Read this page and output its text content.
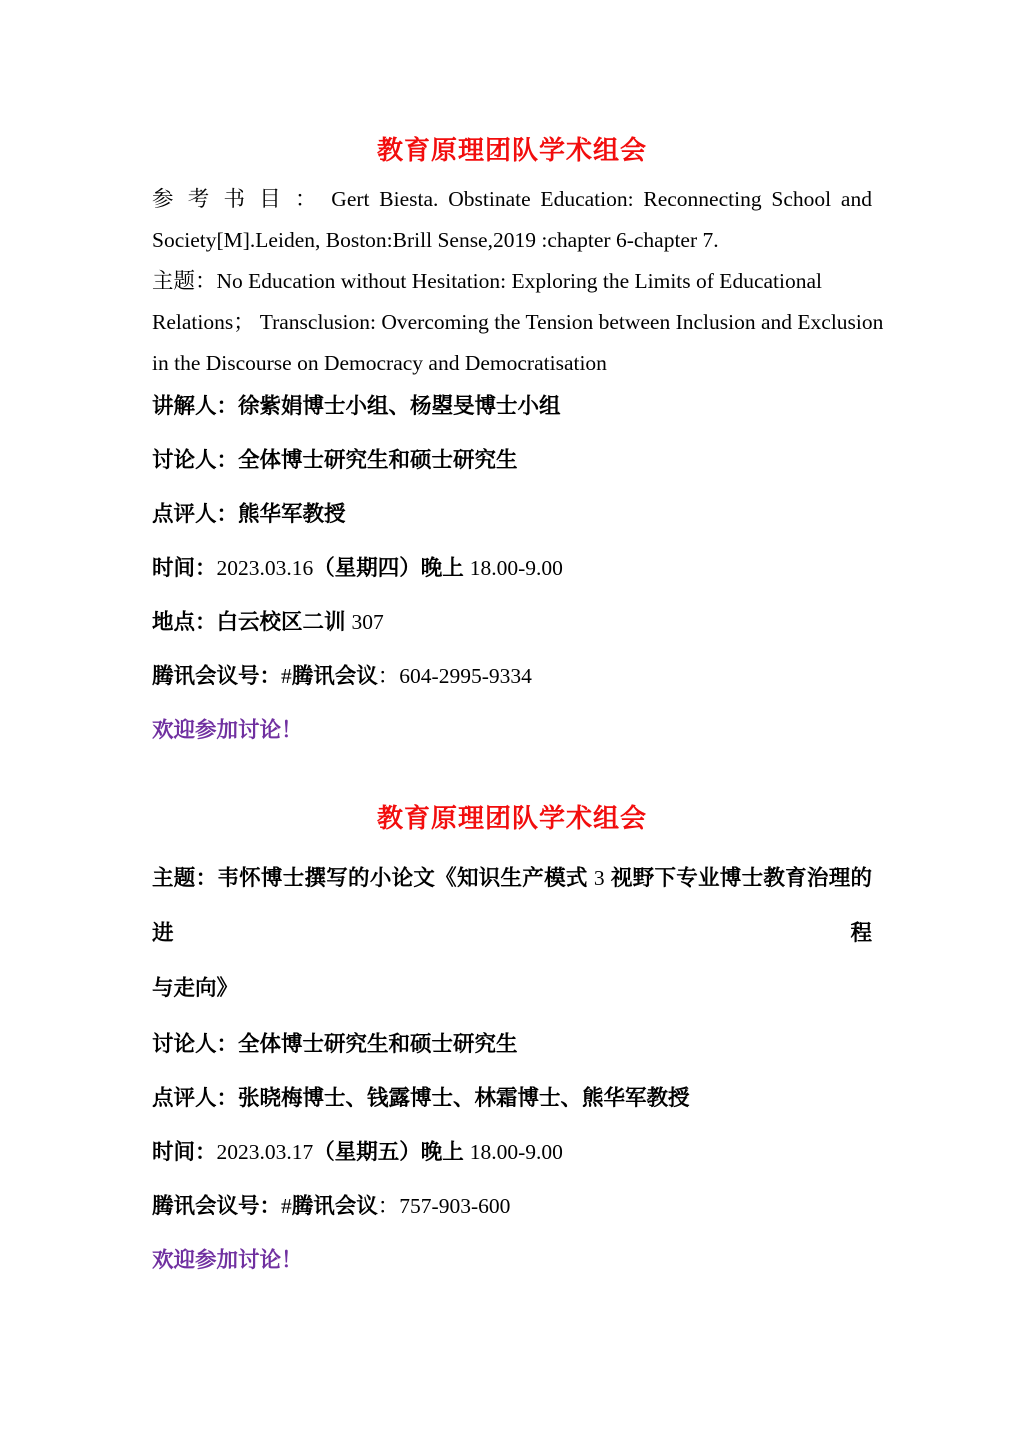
教育原理团队学术组会
参 考 书 目 ： Gert Biesta. Obstinate Education: Reconnecting School and
Society[M].Leiden, Boston:Brill Sense,2019 :chapter 6-chapter 7.
主题：No Education without Hesitation: Exploring the Limits of Educational
Relations； Transclusion: Overcoming the Tension between Inclusion and Exclusion
in the Discourse on Democracy and Democratisation

讲解人：徐紫娟博士小组、杨曌旻博士小组

讨论人：全体博士研究生和硕士研究生

点评人：熊华军教授

时间：2023.03.16（星期四）晚上 18.00-9.00

地点：白云校区二训 307

腾讯会议号：#腾讯会议：604-2995-9334

欢迎参加讨论！

教育原理团队学术组会
主题：韦怀博士撰写的小论文《知识生产模式 3 视野下专业博士教育治理的进程
与走向》

讨论人：全体博士研究生和硕士研究生

点评人：张晓梅博士、钱露博士、林霜博士、熊华军教授

时间：2023.03.17（星期五）晚上 18.00-9.00

腾讯会议号：#腾讯会议：757-903-600

欢迎参加讨论！
